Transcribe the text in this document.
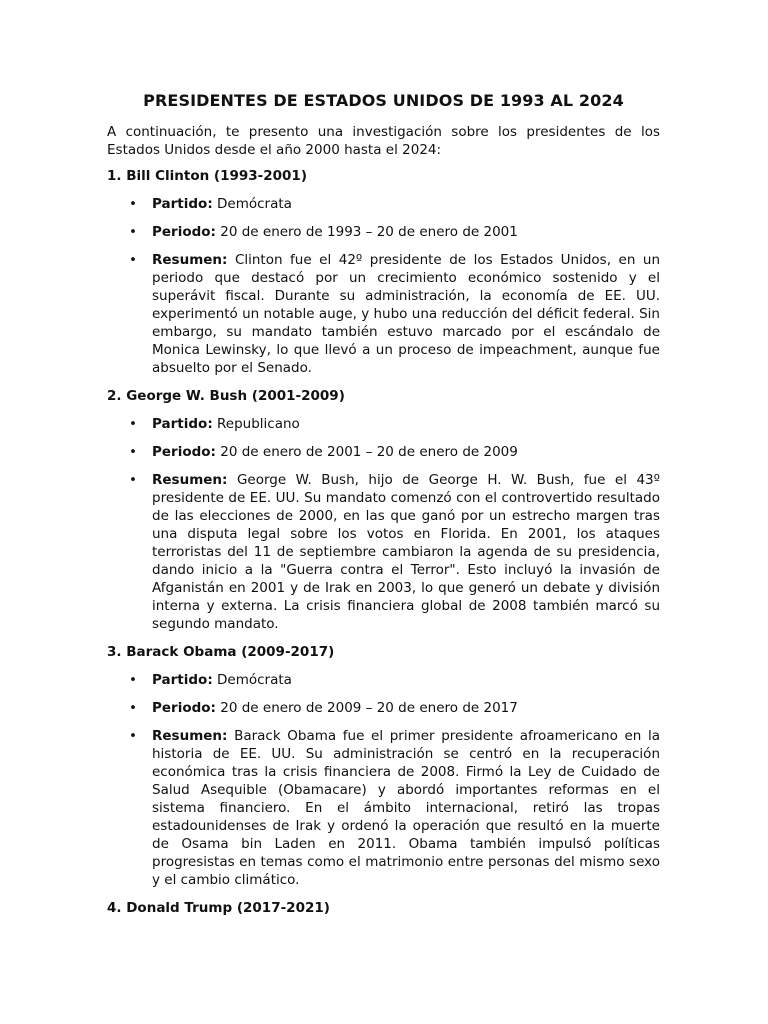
PRESIDENTES DE ESTADOS UNIDOS DE 1993 AL 2024

A continuación, te presento una investigación sobre los presidentes de los Estados Unidos desde el año 2000 hasta el 2024:

1. Bill Clinton (1993-2001)
• Partido: Demócrata
• Periodo: 20 de enero de 1993 – 20 de enero de 2001
• Resumen: Clinton fue el 42º presidente de los Estados Unidos, en un periodo que destacó por un crecimiento económico sostenido y el superávit fiscal. Durante su administración, la economía de EE. UU. experimentó un notable auge, y hubo una reducción del déficit federal. Sin embargo, su mandato también estuvo marcado por el escándalo de Monica Lewinsky, lo que llevó a un proceso de impeachment, aunque fue absuelto por el Senado.
2. George W. Bush (2001-2009)
• Partido: Republicano
• Periodo: 20 de enero de 2001 – 20 de enero de 2009
• Resumen: George W. Bush, hijo de George H. W. Bush, fue el 43º presidente de EE. UU. Su mandato comenzó con el controvertido resultado de las elecciones de 2000, en las que ganó por un estrecho margen tras una disputa legal sobre los votos en Florida. En 2001, los ataques terroristas del 11 de septiembre cambiaron la agenda de su presidencia, dando inicio a la "Guerra contra el Terror". Esto incluyó la invasión de Afganistán en 2001 y de Irak en 2003, lo que generó un debate y división interna y externa. La crisis financiera global de 2008 también marcó su segundo mandato.
3. Barack Obama (2009-2017)
• Partido: Demócrata
• Periodo: 20 de enero de 2009 – 20 de enero de 2017
• Resumen: Barack Obama fue el primer presidente afroamericano en la historia de EE. UU. Su administración se centró en la recuperación económica tras la crisis financiera de 2008. Firmó la Ley de Cuidado de Salud Asequible (Obamacare) y abordó importantes reformas en el sistema financiero. En el ámbito internacional, retiró las tropas estadounidenses de Irak y ordenó la operación que resultó en la muerte de Osama bin Laden en 2011. Obama también impulsó políticas progresistas en temas como el matrimonio entre personas del mismo sexo y el cambio climático.
4. Donald Trump (2017-2021)
